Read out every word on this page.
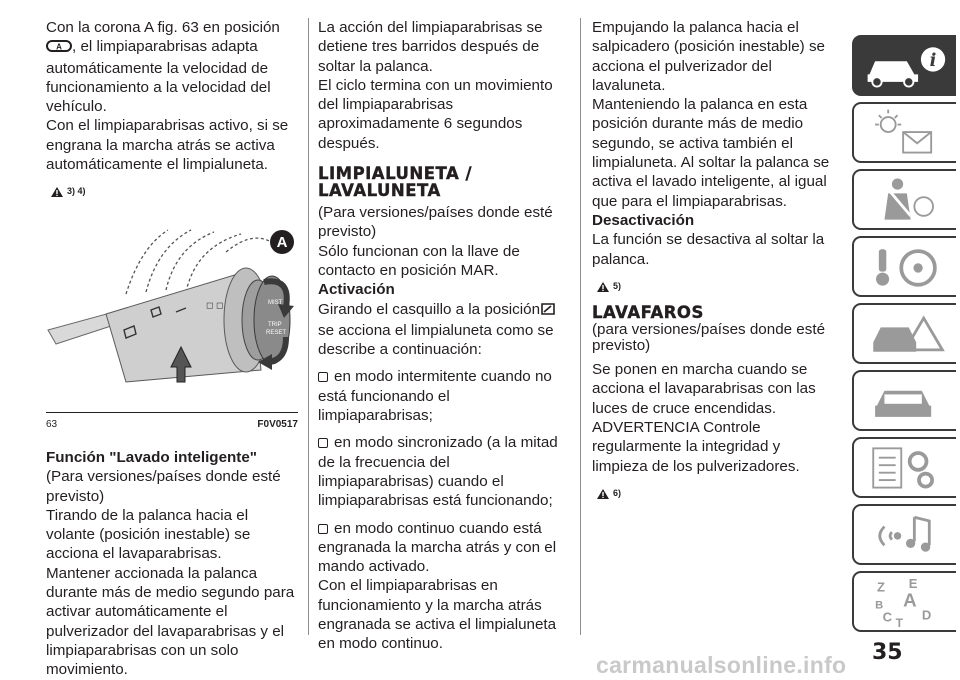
Con la corona A fig. 63 en posición

A , el limpiaparabrisas adapta automáticamente la velocidad de funcionamiento a la velocidad del vehículo.

Con el limpiaparabrisas activo, si se engrana la marcha atrás se activa automáticamente el limpialuneta.

3) 4)
◻ ◻
A
MIST
TRIP
RESET
63	F0V0517

Función "Lavado inteligente"

(Para versiones/países donde esté previsto)

Tirando de la palanca hacia el volante (posición inestable) se acciona el lavaparabrisas.

Mantener accionada la palanca durante más de medio segundo para activar automáticamente el pulverizador del lavaparabrisas y el limpiaparabrisas con un solo movimiento.

La acción del limpiaparabrisas se detiene tres barridos después de soltar la palanca.

El ciclo termina con un movimiento del limpiaparabrisas aproximadamente 6 segundos después.

LIMPIALUNETA / LAVALUNETA

(Para versiones/países donde esté previsto)

Sólo funcionan con la llave de contacto en posición MAR.

Activación

Girando el casquillo a la posiciónse acciona el limpialuneta como se describe a continuación:

en modo intermitente cuando no está funcionando el limpiaparabrisas;

en modo sincronizado (a la mitad de la frecuencia del limpiaparabrisas) cuando el limpiaparabrisas está funcionando;

en modo continuo cuando está engranada la marcha atrás y con el mando activado.

Con el limpiaparabrisas en funcionamiento y la marcha atrás engranada se activa el limpialuneta en modo continuo.

Empujando la palanca hacia el salpicadero (posición inestable) se acciona el pulverizador del lavaluneta.

Manteniendo la palanca en esta posición durante más de medio segundo, se activa también el limpialuneta. Al soltar la palanca se activa el lavado inteligente, al igual que para el limpiaparabrisas.

Desactivación

La función se desactiva al soltar la palanca.

5)
LAVAFAROS

(para versiones/países donde esté previsto)

Se ponen en marcha cuando se acciona el lavaparabrisas con las luces de cruce encendidas.

ADVERTENCIA Controle regularmente la integridad y limpieza de los pulverizadores.

6)
i
Z E
A
B
C T
D
35
carmanualsonline.info
